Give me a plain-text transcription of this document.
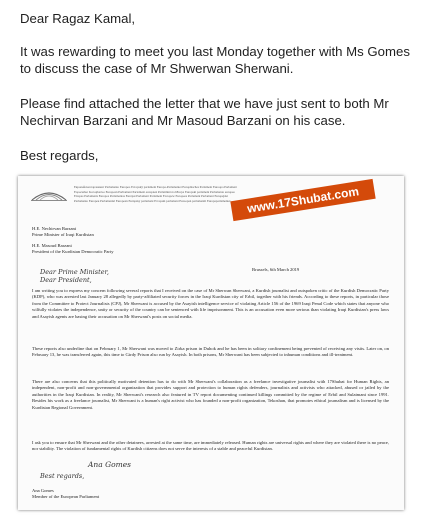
Dear Ragaz Kamal,

It was rewarding to meet you last Monday together with Ms Gomes to discuss the case of Mr Shwerwan Sherwani.

Please find attached the letter that we have just sent to both Mr Nechirvan Barzani and Mr Masoud Barzani on his case.

Best regards,

Европейски парламент Parlamento Europeo Evropský parlament Europa-Parlamentet Europäisches Parlament Euroopa Parlament
Ευρωπαϊκό Κοινοβούλιο European Parliament Parlement européen Parlaimint na hEorpa Europski parlament Parlamento europeo
Eiropas Parlaments Europos Parlamentas Európai Parlament Parlament Ewropew Europees Parlement Parlament Europejski
Parlamento Europeu Parlamentul European Európsky parlament Evropski parlament Euroopan parlamentti Europaparlamentet	www.17Shubat.com
H.E. Nechirvan Barzani
Prime Minister of Iraqi Kurdistan
H.E. Masoud Barzani
President of the Kurdistan Democratic Party
Brussels, 6th March 2019
Dear Prime Minister, Dear President,
I am writing you to express my concern following several reports that I received on the case of Mr Sherwan Sherwani, a Kurdish journalist and outspoken critic of the Kurdish Democratic Party (KDP), who was arrested last January 28 allegedly by party-affiliated security forces in the Iraqi Kurdistan city of Erbil, together with his friends. According to these reports, in particular those from the Committee to Protect Journalists (CPJ), Mr Sherwani is accused by the Asayish intelligence service of violating Article 156 of the 1969 Iraqi Penal Code which states that anyone who wilfully violates the independence, unity or security of the country can be sentenced with life imprisonment. This is an accusation even more serious than violating Iraqi Kurdistan's press laws and Asayish agents are basing their accusation on Mr Sherwani's posts on social media.
These reports also underline that on February 1, Mr Sherwani was moved to Zirka prison in Duhok and he has been in solitary confinement being prevented of receiving any visits. Later on, on February 13, he was transferred again, this time to Girdy Prison also run by Asayish. In both prisons, Mr Sherwani has been subjected to inhuman conditions and ill-treatment.
There are also concerns that this politically motivated detention has to do with Mr Sherwani's collaboration as a freelance investigative journalist with 17Shubat for Human Rights, an independent, non-profit and non-governmental organization that provides support and protection to human rights defenders, journalists and activists who attacked, abused or jailed by the authorities in the Iraqi Kurdistan. In reality, Mr Sherwani's research also featured in TV report documenting continued killings committed by the regime of Erbil and Sulaimani since 1991. Besides his work as a freelance journalist, Mr Sherwani is a human's right activist who has founded a non-profit organization, Tekoshan, that promotes ethical journalism and is licensed by the Kurdistan Regional Government.
I ask you to ensure that Mr Sherwani and the other detainees, arrested at the same time, are immediately released. Human rights are universal rights and where they are violated there is no peace, nor stability. The violation of fundamental rights of Kurdish citizens does not serve the interests of a stable and peaceful Kurdistan.
Best regards,
Ana Gomes
Ana Gomes
Member of the European Parliament
